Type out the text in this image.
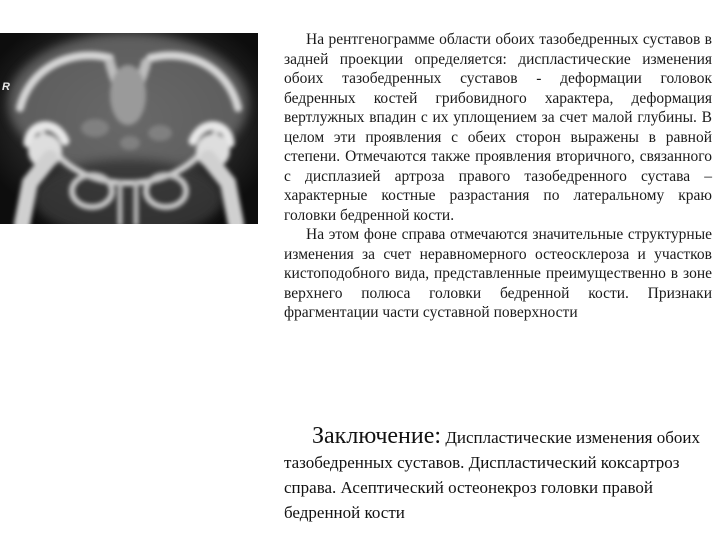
R

На рентгенограмме области обоих тазобедренных суставов в задней проекции определяется: диспластические изменения обоих тазобедренных суставов - деформации головок бедренных костей грибовидного характера, деформация вертлужных впадин с их уплощением за счет малой глубины. В целом эти проявления с обеих сторон выражены в равной степени. Отмечаются также проявления вторичного, связанного с дисплазией артроза правого тазобедренного сустава – характерные костные разрастания по латеральному краю головки бедренной кости.

На этом фоне справа отмечаются значительные структурные изменения за счет неравномерного остеосклероза и участков кистоподобного вида, представленные преимущественно в зоне верхнего полюса головки бедренной кости. Признаки фрагментации части суставной поверхности

Заключение: Диспластические изменения обоих тазобедренных суставов. Диспластический коксартроз справа. Асептический остеонекроз головки правой бедренной кости
